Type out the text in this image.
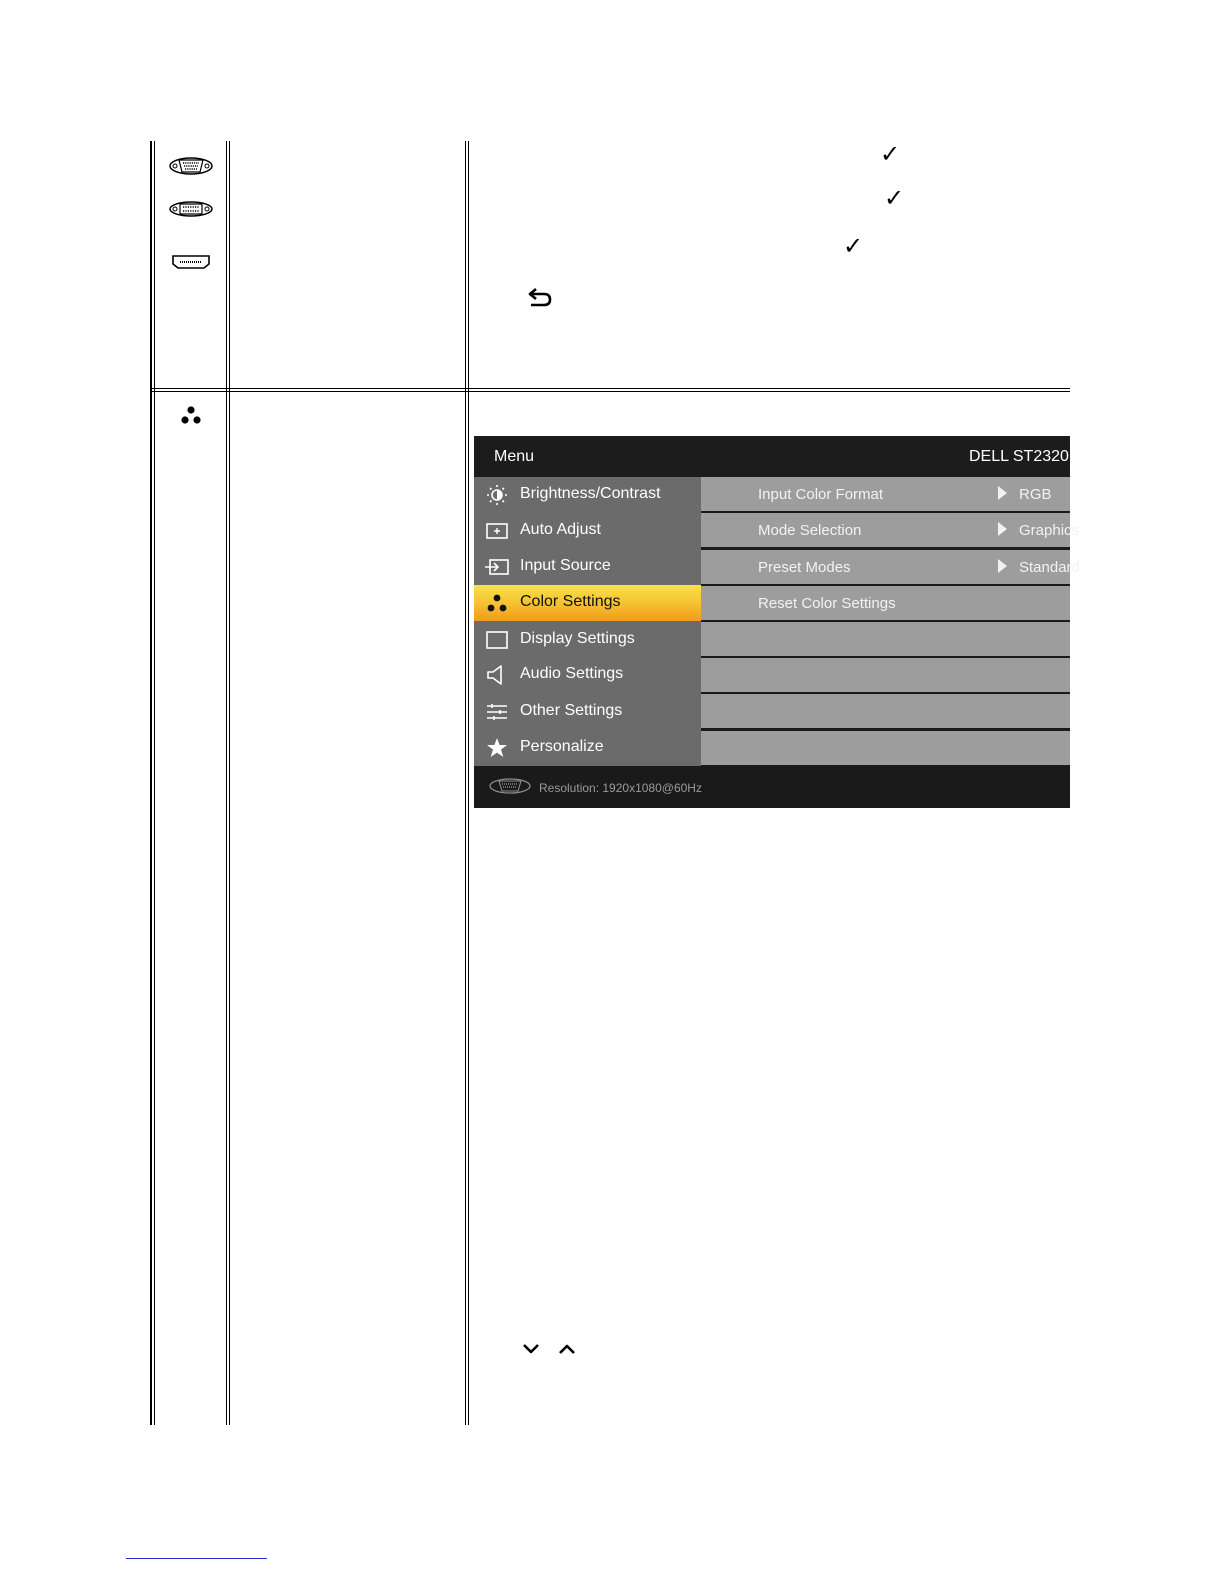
✓
✓
✓
Menu	DELL ST2320L
Brightness/Contrast
Auto Adjust
Input Source
Color Settings
Display Settings
Audio Settings
Other Settings
Personalize
Input Color Format	RGB
Mode Selection	Graphics
Preset Modes	Standard
Reset Color Settings
Resolution: 1920x1080@60Hz
